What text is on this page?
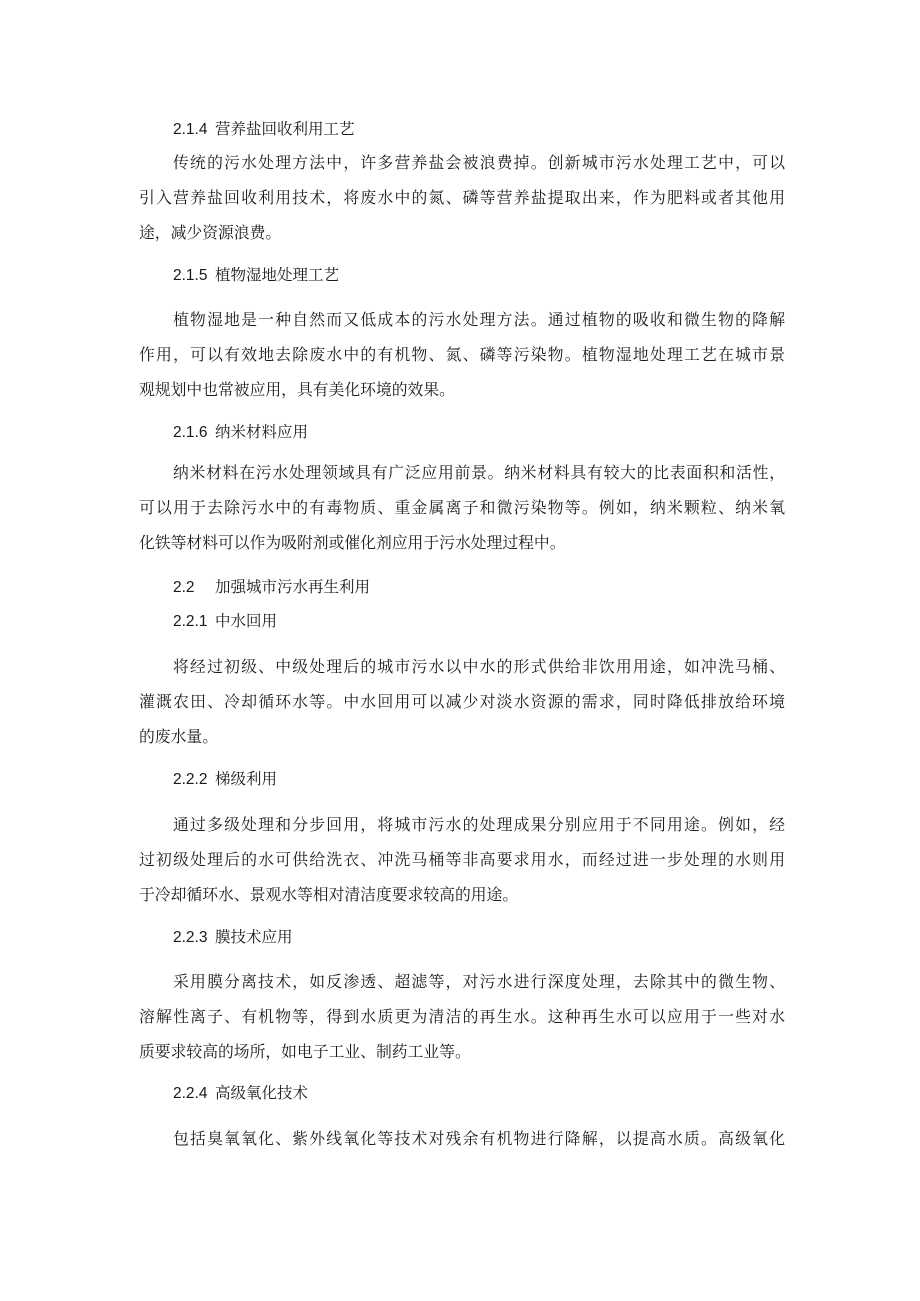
2.1.4 营养盐回收利用工艺
传统的污水处理方法中，许多营养盐会被浪费掉。创新城市污水处理工艺中，可以
引入营养盐回收利用技术，将废水中的氮、磷等营养盐提取出来，作为肥料或者其他用
途，减少资源浪费。
2.1.5 植物湿地处理工艺
植物湿地是一种自然而又低成本的污水处理方法。通过植物的吸收和微生物的降解
作用，可以有效地去除废水中的有机物、氮、磷等污染物。植物湿地处理工艺在城市景
观规划中也常被应用，具有美化环境的效果。
2.1.6 纳米材料应用
纳米材料在污水处理领域具有广泛应用前景。纳米材料具有较大的比表面积和活性，
可以用于去除污水中的有毒物质、重金属离子和微污染物等。例如，纳米颗粒、纳米氧
化铁等材料可以作为吸附剂或催化剂应用于污水处理过程中。
2.2 加强城市污水再生利用
2.2.1 中水回用
将经过初级、中级处理后的城市污水以中水的形式供给非饮用用途，如冲洗马桶、
灌溉农田、冷却循环水等。中水回用可以减少对淡水资源的需求，同时降低排放给环境
的废水量。
2.2.2 梯级利用
通过多级处理和分步回用，将城市污水的处理成果分别应用于不同用途。例如，经
过初级处理后的水可供给洗衣、冲洗马桶等非高要求用水，而经过进一步处理的水则用
于冷却循环水、景观水等相对清洁度要求较高的用途。
2.2.3 膜技术应用
采用膜分离技术，如反渗透、超滤等，对污水进行深度处理，去除其中的微生物、
溶解性离子、有机物等，得到水质更为清洁的再生水。这种再生水可以应用于一些对水
质要求较高的场所，如电子工业、制药工业等。
2.2.4 高级氧化技术
包括臭氧氧化、紫外线氧化等技术对残余有机物进行降解，以提高水质。高级氧化
